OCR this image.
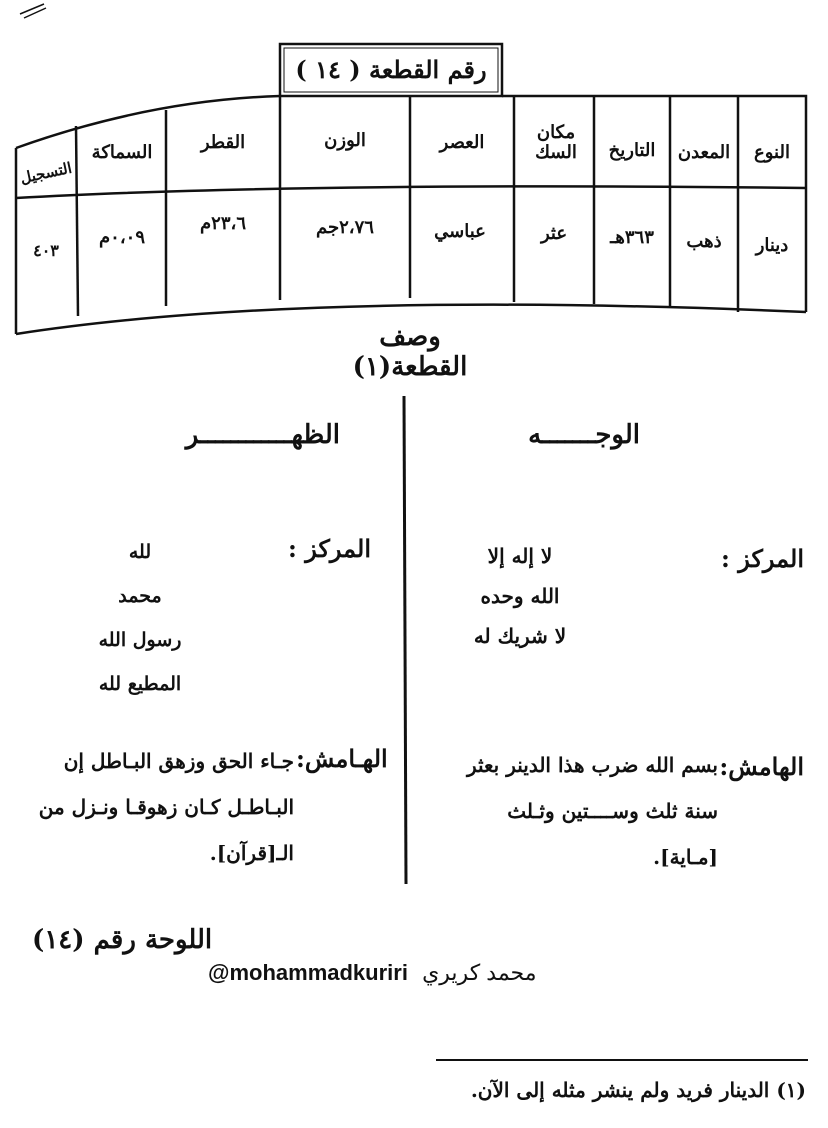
رقم القطعة ( ١٤ )
النوع
المعدن
التاريخ
مكان السك
العصر
الوزن
القطر
السماكة
التسجيل
دينار
ذهب
٣٦٣هـ
عثر
عباسي
٢،٧٦جم
٢٣،٦م
٠،٠٩م
٤٠٣
وصف القطعة(١)
الوجـــــــه
المركز :
لا إله إلا
الله وحده
لا شريك له
الهامش:
بسم الله ضرب هذا الدينر بعثر
سنة ثلث وســــتين وثـلث
[مـاية].
الظهــــــــــــر
المركز :
لله
محمد
رسول الله
المطيع لله
الهـامش:
جـاء الحق وزهق البـاطل إن
البـاطـل كـان زهوقـا ونـزل من
الـ[قرآن].
اللوحة رقم (١٤)
@mohammadkuriri محمد كريري
(١) الدينار فريد ولم ينشر مثله إلى الآن.
